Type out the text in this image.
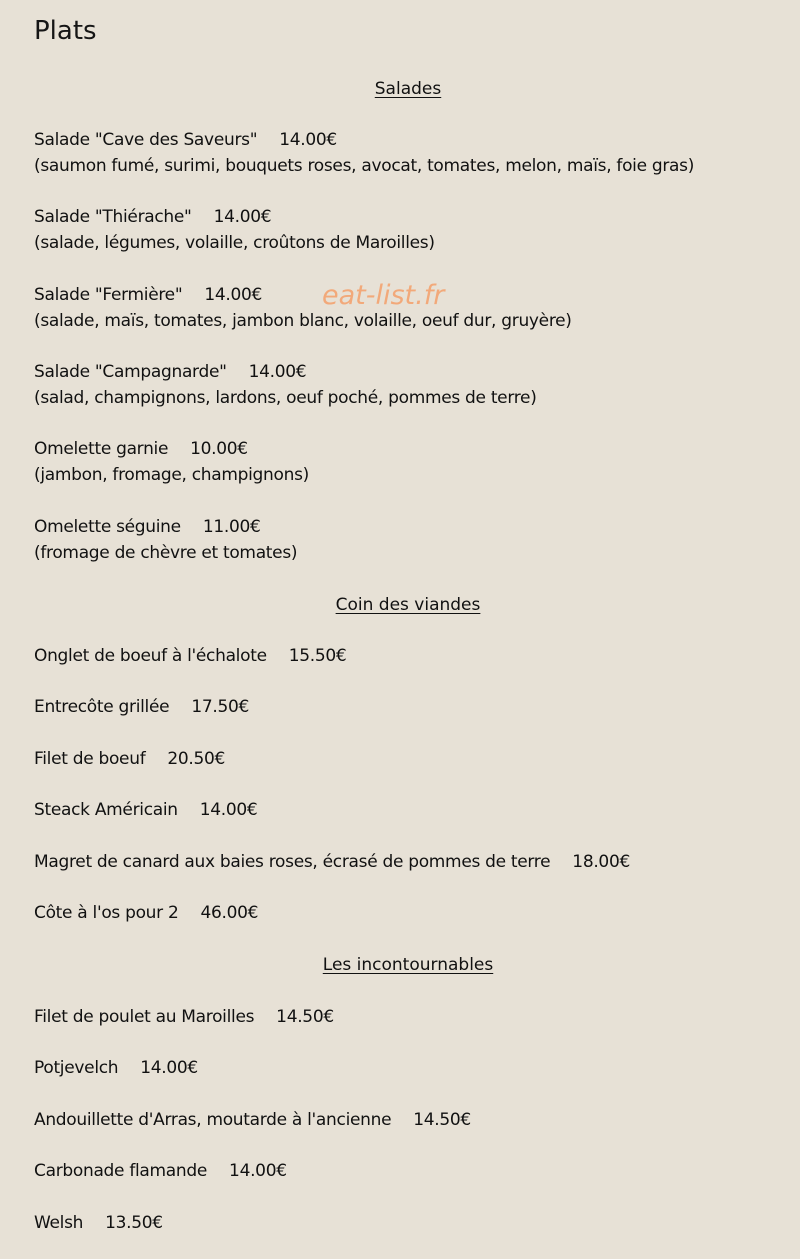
Plats
eat-list.fr
Salades
Salade "Cave des Saveurs" 14.00€
(saumon fumé, surimi, bouquets roses, avocat, tomates, melon, maïs, foie gras)
Salade "Thiérache" 14.00€
(salade, légumes, volaille, croûtons de Maroilles)
Salade "Fermière" 14.00€
(salade, maïs, tomates, jambon blanc, volaille, oeuf dur, gruyère)
Salade "Campagnarde" 14.00€
(salad, champignons, lardons, oeuf poché, pommes de terre)
Omelette garnie 10.00€
(jambon, fromage, champignons)
Omelette séguine 11.00€
(fromage de chèvre et tomates)
Coin des viandes
Onglet de boeuf à l'échalote 15.50€
Entrecôte grillée 17.50€
Filet de boeuf 20.50€
Steack Américain 14.00€
Magret de canard aux baies roses, écrasé de pommes de terre 18.00€
Côte à l'os pour 2 46.00€
Les incontournables
Filet de poulet au Maroilles 14.50€
Potjevelch 14.00€
Andouillette d'Arras, moutarde à l'ancienne 14.50€
Carbonade flamande 14.00€
Welsh 13.50€
